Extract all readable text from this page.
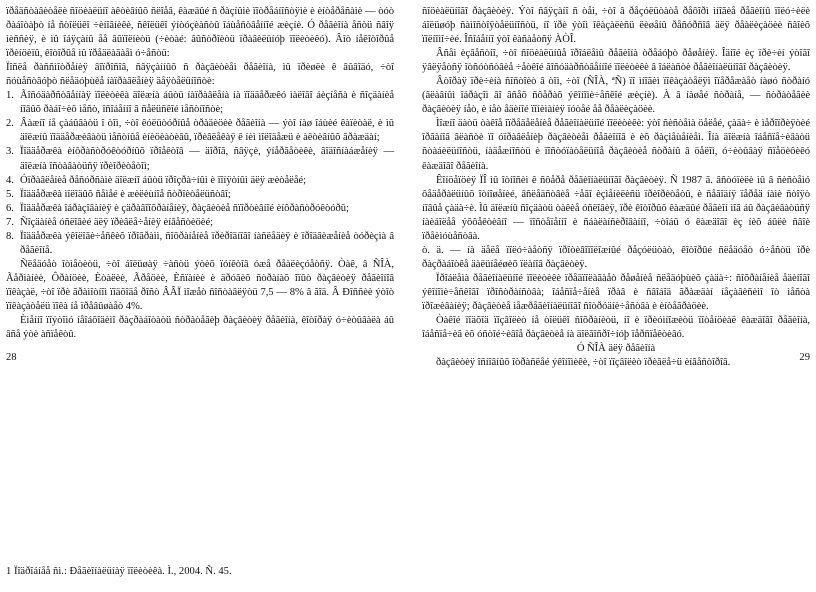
ïðåäñòàâèòåëè ñîöèàëüíî àêòèâíûõ ñëîåâ, êàæäûé ñ ðàçíûìè ïîòðåáíîñòÿìè è èíòåðåñàìè — òóò ðàáîòàþò íå ñòîëüêî ÷èíîâíèêè, ñêîëüêî ýíòóçèàñòû îáùåñòâåííîé æèçíè. Ó ðåãèîíà åñòü ñâîÿ ìèññèÿ, è ìû îáÿçàíû åå âûïîëíèòü (÷èòàé: âûñòðîèòü ïðàâèëüíóþ ïîëèòèêó). Âîò íåêîòîðûå ïðèíöèïû, êîòîðûå ìû ïðåäëàãàåì ó÷åñòü:

Ïîñëå ðàññìîòðåíèÿ âîïðîñîâ, ñâÿçàííûõ ñ ðàçâèòèåì ðåãèîíà, ìû ïðèøëè ê âûâîäó, ÷òî ñóùåñòâóþò ñëåäóþùèå íàïðàâëåíèÿ äåÿòåëüíîñòè:

1. Ãîñóäàðñòâåííàÿ ïîëèòèêà äîëæíà áûòü íàïðàâëåíà íà ïîääåðæêó ìàëîãî áèçíåñà è ñîçäàíèå íîâûõ ðàáî÷èõ ìåñò, îñîáåííî â ñåëüñêîé ìåñòíîñòè;

2. Âàæíî íå çàáûâàòü î òîì, ÷òî êóëüòóðíûå òðàäèöèè ðåãèîíà — ýòî íàø îáùèé êàïèòàë, è ìû äîëæíû ïîääåðæèâàòü ìåñòíûå èíèöèàòèâû, ïðèâëåêàÿ ê íèì ìîëîäåæü è àêòèâíûõ ãðàæäàí;

3. Ïîääåðæêà èíôðàñòðóêòóðíûõ ïðîåêòîâ — äîðîã, ñâÿçè, ýíåðãåòèêè, âîäîñíàáæåíèÿ — äîëæíà îñòàâàòüñÿ ïðèîðèòåòîì;

4. Óïðàâëåíèå ðåñóðñàìè äîëæíî áûòü ïðîçðà÷íûì è ïîíÿòíûì äëÿ æèòåëåé;

5. Ïîääåðæêà ìîëîäûõ ñåìåé è æèëèùíîå ñòðîèòåëüñòâî;

6. Ïîääåðæêà îáðàçîâàíèÿ è çäðàâîîõðàíåíèÿ, ðàçâèòèå ñïîðòèâíîé èíôðàñòðóêòóðû;

7. Ñîçäàíèå óñëîâèé äëÿ ïðèâëå÷åíèÿ èíâåñòèöèé;

8. Ïîääåðæêà ýêîëîãè÷åñêèõ ïðîãðàìì, ñîõðàíåíèå ïðèðîäíîãî íàñëåäèÿ è ïðîäâèæåíèå òóðèçìà â ðåãèîíå.

Ñëåäóåò îòìåòèòü, ÷òî áîëüøàÿ ÷àñòü ýòèõ ïóíêòîâ óæå ðåàëèçóåòñÿ. Òàê, â ÑÎÀ, Ãåðìàíèè, Ôðàíöèè, Èòàëèè, Ãðåöèè, Èñïàíèè è äðóãèõ ñòðàíàõ îïûò ðàçâèòèÿ ðåãèîíîâ ïîêàçàë, ÷òî ïðè ãðàìîòíîì ïîäõîäå ðîñò ÂÂÏ ìîæåò ñîñòàâëÿòü 7,5 — 8% â ãîä. Â Ðîññèè ýòîò ïîêàçàòåëü ïîêà íå ïðåâûøàåò 4%.

Èìåííî ïîýòîìó íåîáõîäèìî ðàçðàáîòàòü ñòðàòåãèþ ðàçâèòèÿ ðåãèîíà, êîòîðàÿ ó÷èòûâàëà áû âñå ýòè àñïåêòû.

28

1 Ïîäðîáíåå ñì.: Ðåãèîíàëüíàÿ ïîëèòèêà. Ì., 2004. Ñ. 45.

ñîöèàëüíîãî ðàçâèòèÿ. Ýòî ñâÿçàíî ñ òåì, ÷òî â ðåçóëüòàòå ðåôîðì ìíîãèå ðåãèîíû ïîëó÷èëè áîëüøóþ ñàìîñòîÿòåëüíîñòü, íî ïðè ýòîì îêàçàëèñü ëèøåíû ðåñóðñîâ äëÿ ðåàëèçàöèè ñâîèõ ïîëíîìî÷èé. Îñîáåííî ýòî êàñàåòñÿ ÀÒÎ.

Âñåì èçâåñòíî, ÷òî ñîöèàëüíûå ïðîáëåìû ðåãèîíà òðåáóþò ðåøåíèÿ. Îäíîé èç ïðè÷èí ýòîãî ÿâëÿåòñÿ îòñóòñòâèå ÷åòêîé ãîñóäàðñòâåííîé ïîëèòèêè â îáëàñòè ðåãèîíàëüíîãî ðàçâèòèÿ.

Âòîðàÿ ïðè÷èíà ñîñòîèò â òîì, ÷òî (ÑÎÀ, ªÑ) ïî ìíîãèì ïîêàçàòåëÿì îïåðåæàåò íàøó ñòðàíó (ãëàâíûì îáðàçîì âî âñåõ ñôåðàõ ýêîíîìè÷åñêîé æèçíè). À â íàøåé ñòðàíå, — ñòðàòåãèè ðàçâèòèÿ íåò, è íåò åäèíîé ïîíèìàíèÿ ïóòåé åå ðåàëèçàöèè.

Ìîæíî äàòü òàêîå îïðåäåëåíèå ðåãèîíàëüíîé ïîëèòèêè: ýòî ñèñòåìà öåëåé, çàäà÷ è ìåðîïðèÿòèé îðãàíîâ âëàñòè ïî óïðàâëåíèþ ðàçâèòèåì ðåãèîíîâ è èõ ðàçìåùåíèåì. Îíà äîëæíà îáåñïå÷èâàòü ñòàáèëüíîñòü, íàäåæíîñòü è ïîñòóïàòåëüíîå ðàçâèòèå ñòðàíû â öåëîì, ó÷èòûâàÿ ñïåöèôèêó êàæäîãî ðåãèîíà.

Êîíöåïöèÿ ÏÎ ìû îòíîñèì ê ñôåðå ðåãèîíàëüíîãî ðàçâèòèÿ. Ñ 1987 ã. âñòóïèëè ìû â ñèñòåìó ôåäåðàëüíûõ îòíîøåíèé, âñëåäñòâèå ÷åãî èçìåíèëèñü ïðèîðèòåòû, è ñåãîäíÿ ïåðåä íàìè ñòîÿò íîâûå çàäà÷è. Ìû äîëæíû ñîçäàòü òàêèå óñëîâèÿ, ïðè êîòîðûõ êàæäûé ðåãèîí ìîã áû ðàçâèâàòüñÿ íàèáîëåå ýôôåêòèâíî — ïîñòåïåííî è ñáàëàíñèðîâàííî, ÷òîáû ó êàæäîãî èç íèõ áûëè ñâîè ïðåèìóùåñòâà.

ò. ä. — íà äåëå ïîëó÷àåòñÿ ïðîòèâîïîëîæíûé ðåçóëüòàò, êîòîðûé ñëåäóåò ó÷åñòü ïðè ðàçðàáîòêå äàëüíåéøèõ ïëàíîâ ðàçâèòèÿ.

Ïðîáëåìà ðåãèîíàëüíîé ïîëèòèêè ïðåäïîëàãàåò ðåøåíèå ñëåäóþùèõ çàäà÷: ñîõðàíåíèå åäèíîãî ýêîíîìè÷åñêîãî ïðîñòðàíñòâà; îáåñïå÷åíèå ïðàâ è ñâîáîä ãðàæäàí íåçàâèñèìî îò ìåñòà ïðîæèâàíèÿ; ðàçâèòèå ìåæðåãèîíàëüíîãî ñîòðóäíè÷åñòâà è èíòåãðàöèè.

Òàêîé ïîäõîä ïîçâîëèò íå òîëüêî ñîõðàíèòü, íî è ïðèóìíîæèòü ïîòåíöèàë êàæäîãî ðåãèîíà, îáåñïå÷èâ èõ óñòîé÷èâîå ðàçâèòèå íà äîëãîñðî÷íóþ ïåðñïåêòèâó.

Ó ÑÎÀ äëÿ ðåãèîíà

ðàçâèòèÿ îñíîâíûõ îòðàñëåé ýêîíîìèêè, ÷òî ïîçâîëèò ïðèâëå÷ü èíâåñòîðîâ.	29
